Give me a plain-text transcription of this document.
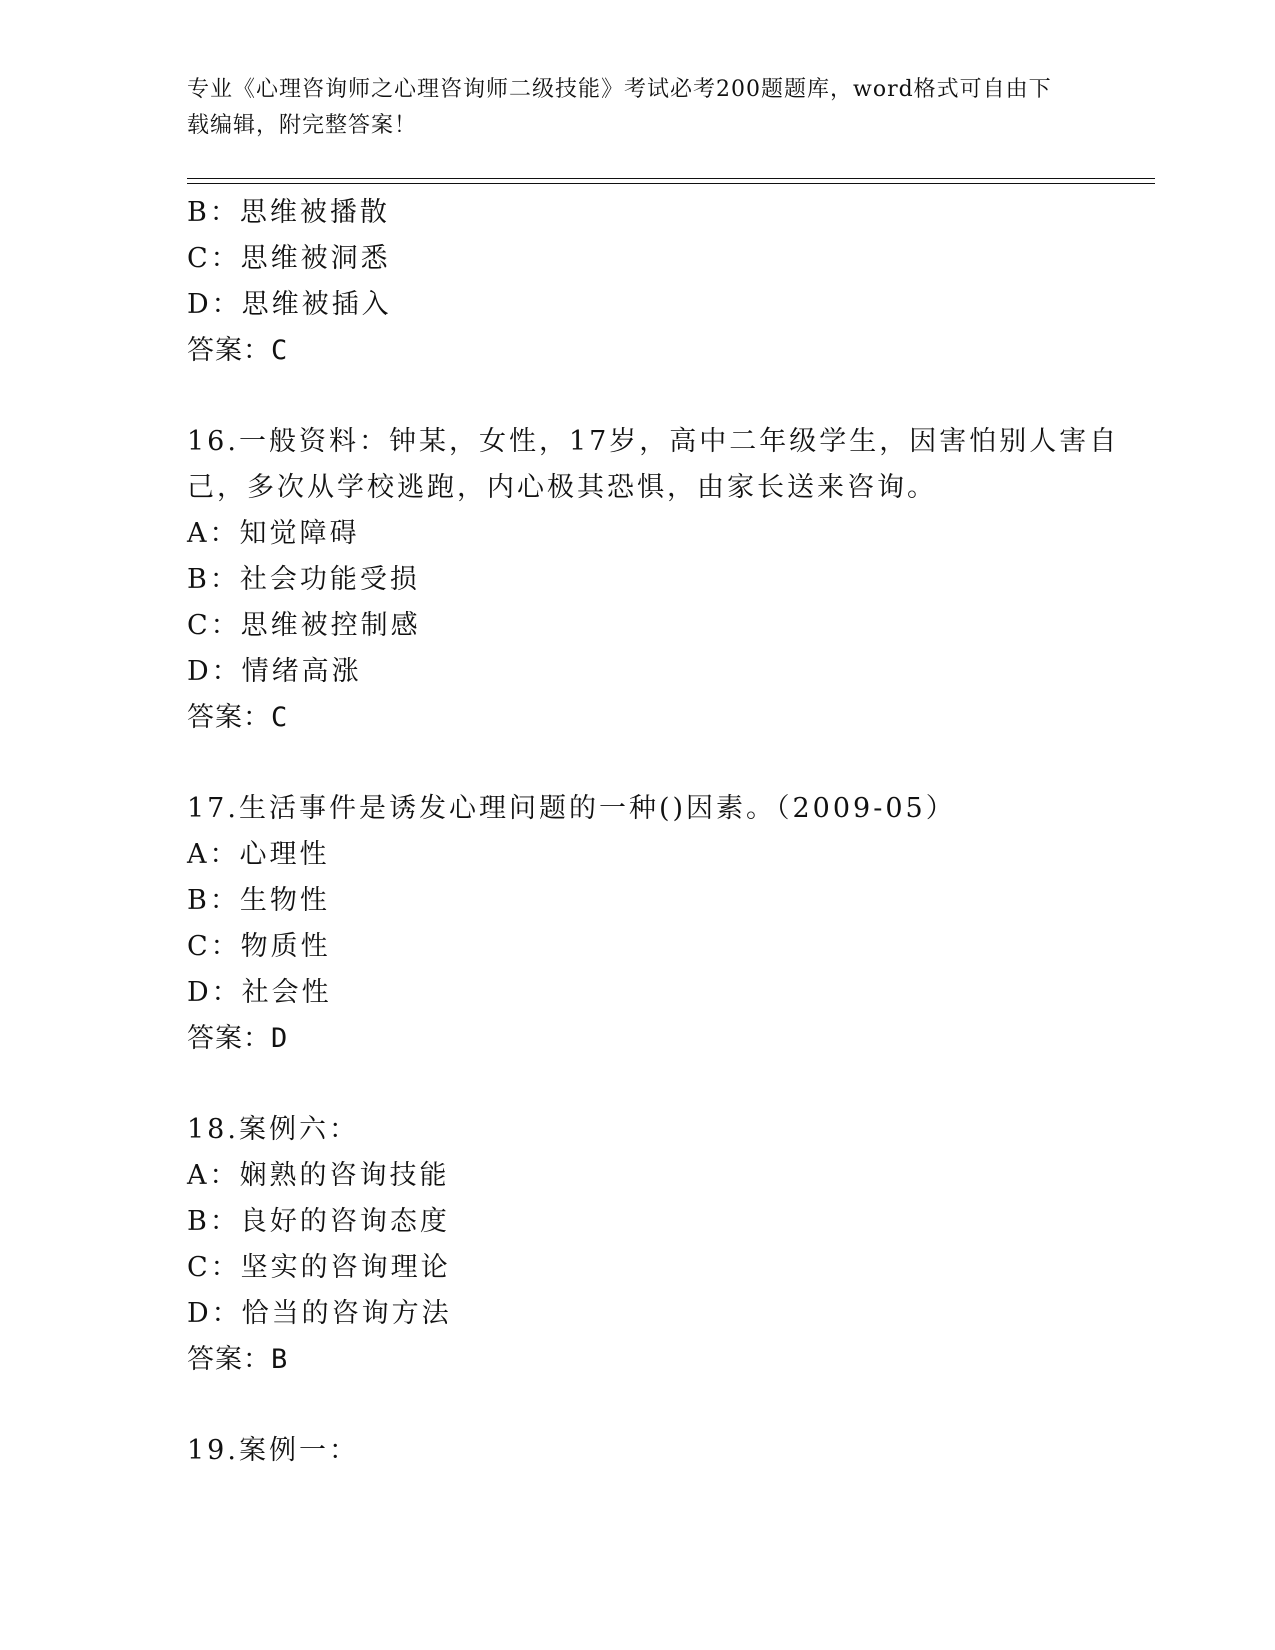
专业《心理咨询师之心理咨询师二级技能》考试必考200题题库，word格式可自由下载编辑，附完整答案！
B：思维被播散
C：思维被洞悉
D：思维被插入
答案：C
16.一般资料：钟某，女性，17岁，高中二年级学生，因害怕别人害自
己，多次从学校逃跑，内心极其恐惧，由家长送来咨询。
A：知觉障碍
B：社会功能受损
C：思维被控制感
D：情绪高涨
答案：C
17.生活事件是诱发心理问题的一种()因素。（2009-05）
A：心理性
B：生物性
C：物质性
D：社会性
答案：D
18.案例六：
A：娴熟的咨询技能
B：良好的咨询态度
C：坚实的咨询理论
D：恰当的咨询方法
答案：B
19.案例一：
